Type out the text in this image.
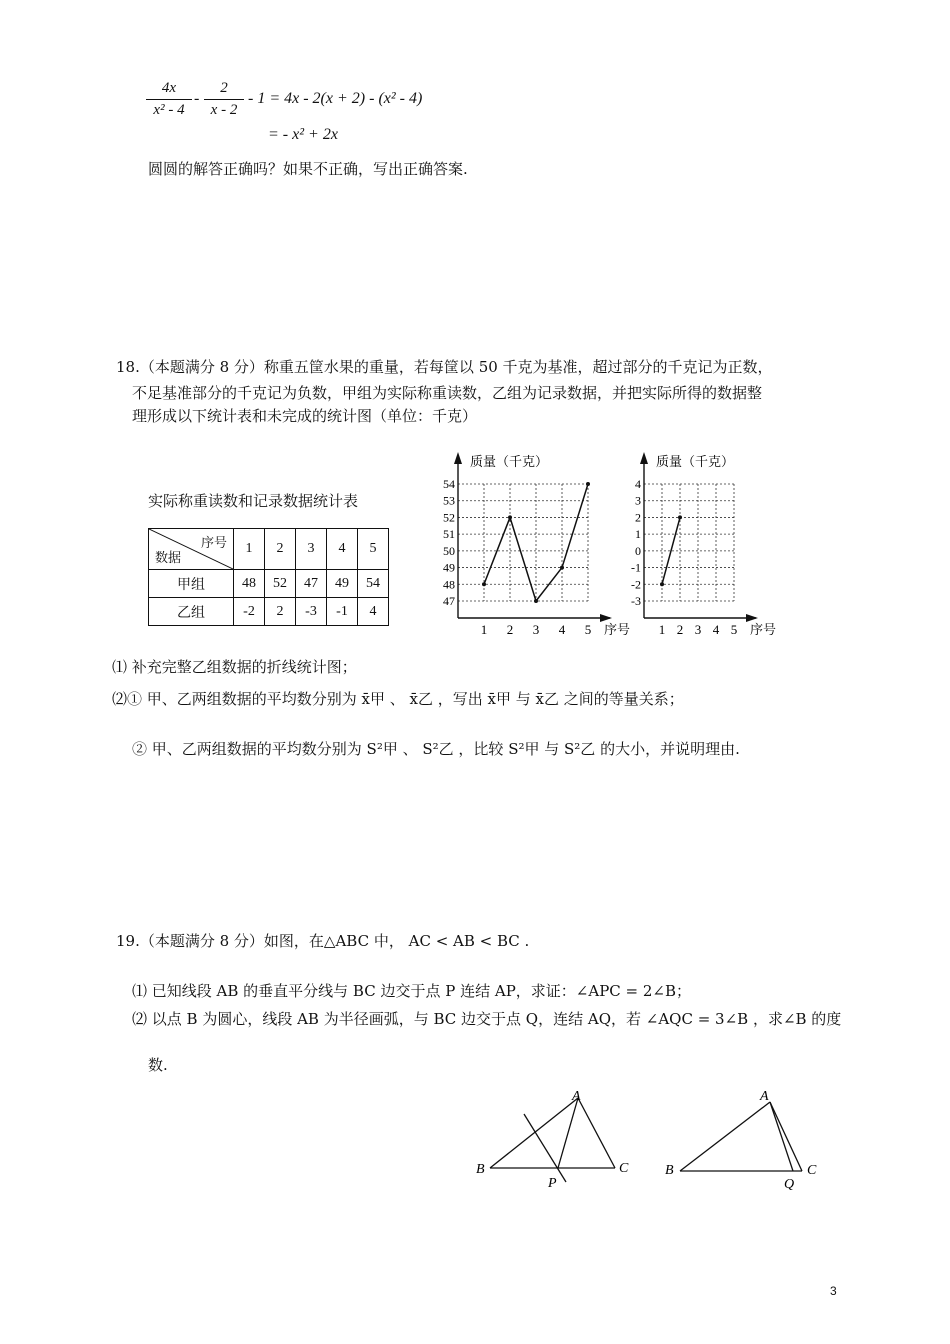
4x
x² - 4
-
2
x - 2
- 1 = 4x - 2(x + 2) - (x² - 4)
= - x² + 2x
圆圆的解答正确吗？如果不正确，写出正确答案.
18.（本题满分 8 分）称重五筐水果的重量，若每筐以 50 千克为基准，超过部分的千克记为正数，
不足基准部分的千克记为负数，甲组为实际称重读数，乙组为记录数据，并把实际所得的数据整
理形成以下统计表和未完成的统计图（单位：千克）
实际称重读数和记录数据统计表
序号
数据	1	2	3	4	5
甲组	48	52	47	49	54
乙组	-2	2	-3	-1	4
47
48
49
50
51
52
53
54
1 2 3 4 5
质量（千克）
序号
-3
-2
-1
0
1
2
3
4
1 2 3 4 5
质量（千克）
序号
⑴ 补充完整乙组数据的折线统计图；
⑵① 甲、乙两组数据的平均数分别为 x̄甲 、 x̄乙 ，写出 x̄甲 与 x̄乙 之间的等量关系；
② 甲、乙两组数据的平均数分别为 S²甲 、 S²乙 ，比较 S²甲 与 S²乙 的大小，并说明理由.
19.（本题满分 8 分）如图，在△ABC 中， AC < AB < BC .
⑴ 已知线段 AB 的垂直平分线与 BC 边交于点 P 连结 AP，求证：∠APC = 2∠B；
⑵ 以点 B 为圆心，线段 AB 为半径画弧，与 BC 边交于点 Q，连结 AQ，若 ∠AQC = 3∠B ，求∠B 的度
数.
A
B	C
P
A
B	C
Q
3
